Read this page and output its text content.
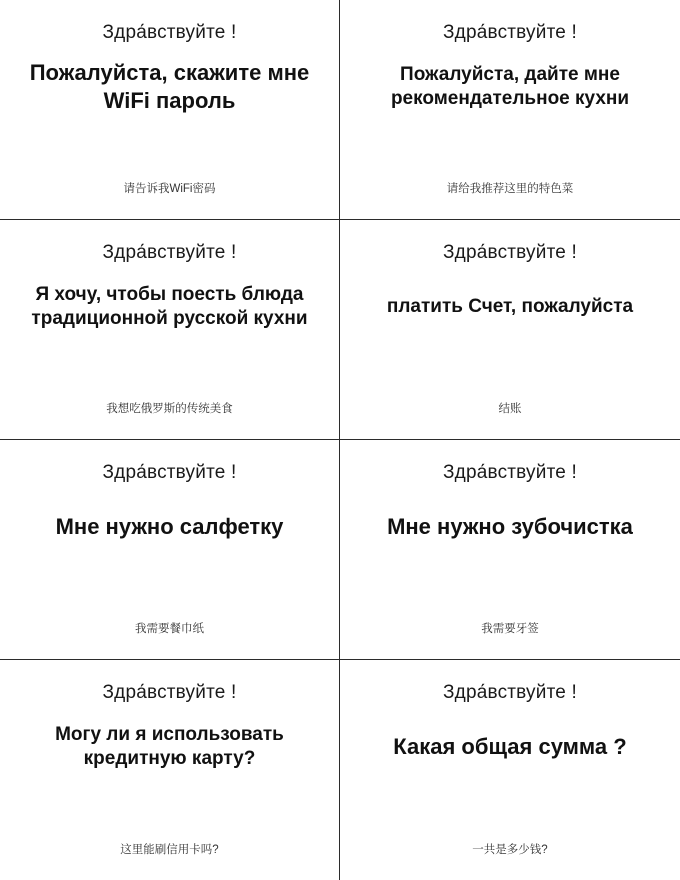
Здра́вствуйте !
Пожалуйста, скажите мне WiFi пароль
请告诉我WiFi密码
Здра́вствуйте !
Пожалуйста, дайте мне рекомендательное кухни
请给我推荐这里的特色菜
Здра́вствуйте !
Я хочу, чтобы поесть блюда традиционной русской кухни
我想吃俄罗斯的传统美食
Здра́вствуйте !
платить Счет, пожалуйста
结账
Здра́вствуйте !
Мне нужно салфетку
我需要餐巾纸
Здра́вствуйте !
Мне нужно зубочистка
我需要牙签
Здра́вствуйте !
Могу ли я использовать кредитную карту?
这里能刷信用卡吗?
Здра́вствуйте !
Какая общая сумма ?
一共是多少钱?
